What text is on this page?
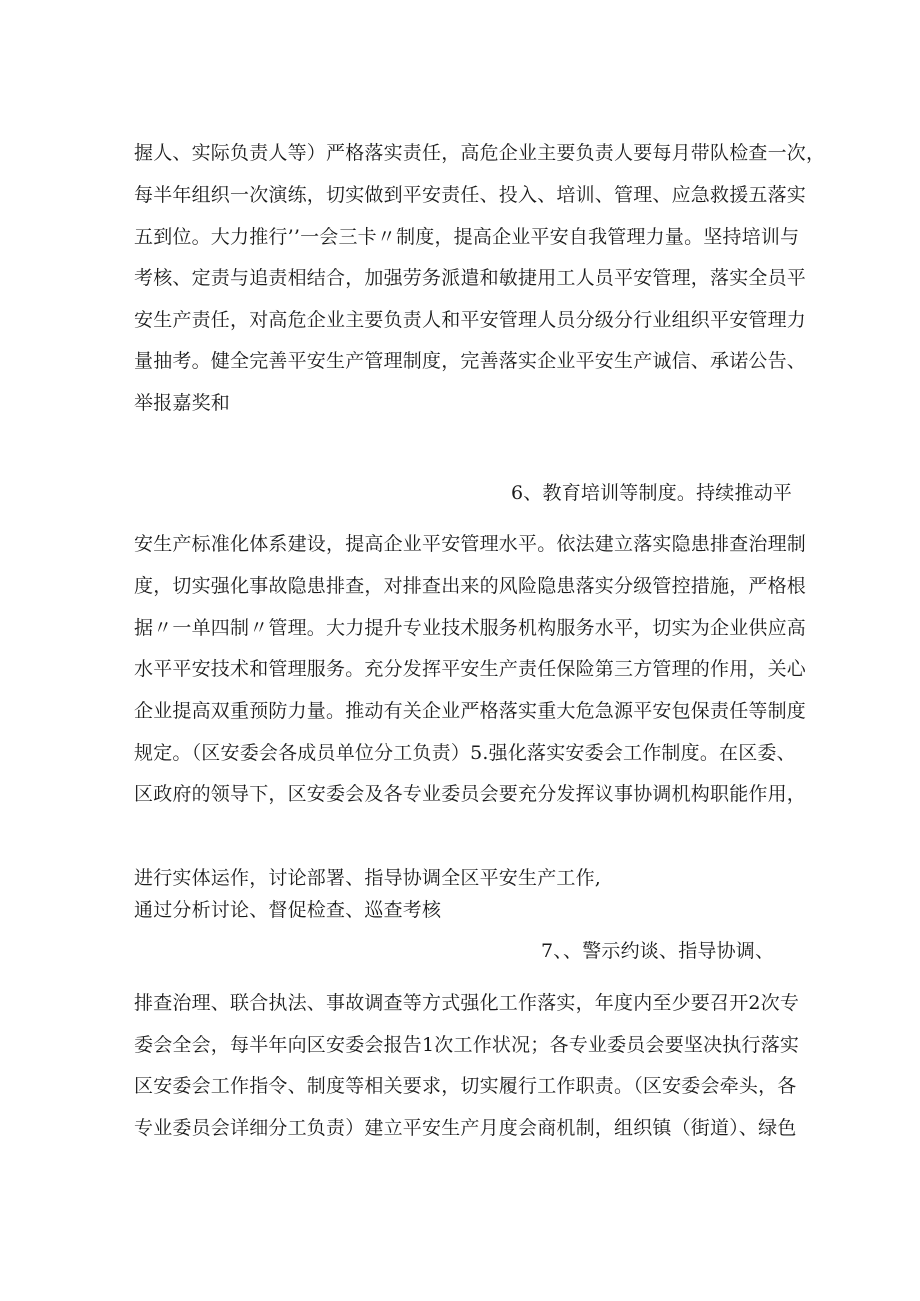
握人、实际负责人等）严格落实责任，高危企业主要负责人要每月带队检查一次，
每半年组织一次演练，切实做到平安责任、投入、培训、管理、应急救援五落实
五到位。大力推行’’一会三卡〃制度，提高企业平安自我管理力量。坚持培训与
考核、定责与追责相结合，加强劳务派遣和敏捷用工人员平安管理，落实全员平
安生产责任，对高危企业主要负责人和平安管理人员分级分行业组织平安管理力
量抽考。健全完善平安生产管理制度，完善落实企业平安生产诚信、承诺公告、
举报嘉奖和
6、教育培训等制度。持续推动平
安生产标准化体系建设，提高企业平安管理水平。依法建立落实隐患排查治理制
度，切实强化事故隐患排查，对排查出来的风险隐患落实分级管控措施，严格根
据〃一单四制〃管理。大力提升专业技术服务机构服务水平，切实为企业供应高
水平平安技术和管理服务。充分发挥平安生产责任保险第三方管理的作用，关心
企业提高双重预防力量。推动有关企业严格落实重大危急源平安包保责任等制度
规定。（区安委会各成员单位分工负责）5.强化落实安委会工作制度。在区委、
区政府的领导下，区安委会及各专业委员会要充分发挥议事协调机构职能作用，
进行实体运作，讨论部署、指导协调全区平安生产工作,
通过分析讨论、督促检查、巡查考核
7、、警示约谈、指导协调、
排查治理、联合执法、事故调查等方式强化工作落实，年度内至少要召开2次专
委会全会，每半年向区安委会报告1次工作状况；各专业委员会要坚决执行落实
区安委会工作指令、制度等相关要求，切实履行工作职责。（区安委会牵头，各
专业委员会详细分工负责）建立平安生产月度会商机制，组织镇（街道）、绿色
